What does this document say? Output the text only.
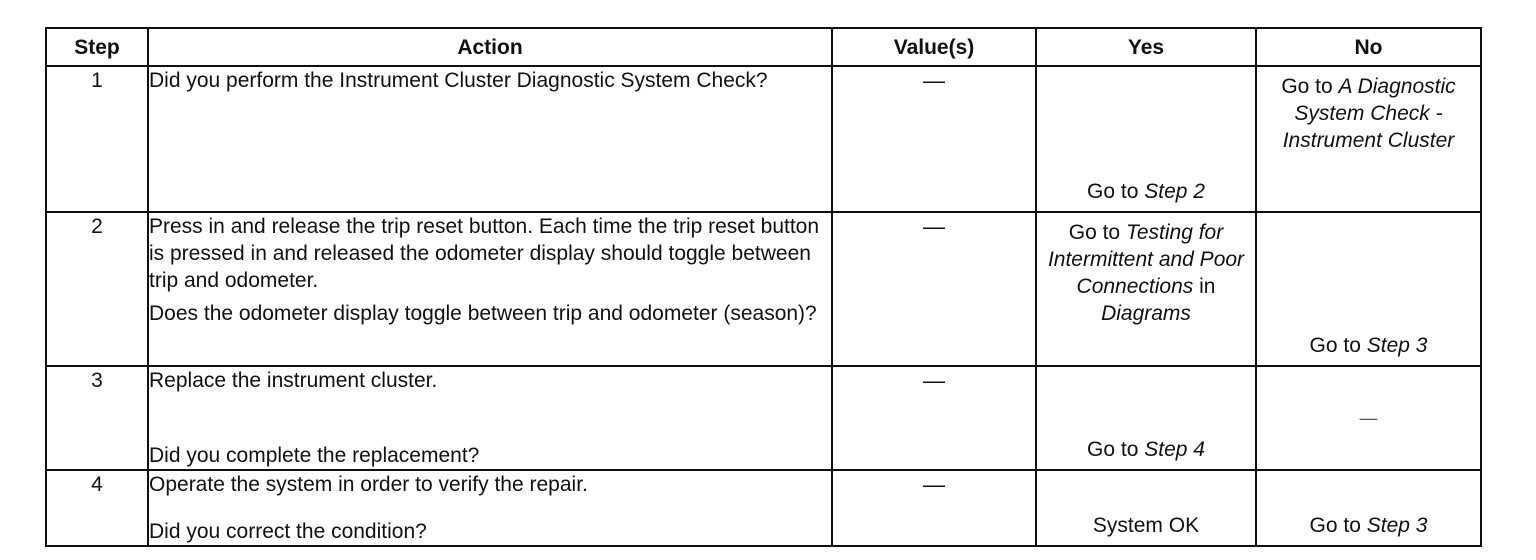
Step	Action	Value(s)	Yes	No
1	Did you perform the Instrument Cluster Diagnostic System Check?	—	Go to Step 2	Go to A Diagnostic System Check - Instrument Cluster

2	Press in and release the trip reset button. Each time the trip reset button is pressed in and released the odometer display should toggle between trip and odometer.

Does the odometer display toggle between trip and odometer (season)?	—	Go to Testing for Intermittent and Poor Connections in Diagrams	Go to Step 3

3	Replace the instrument cluster.

Did you complete the replacement?	—	Go to Step 4	—

4	Operate the system in order to verify the repair.

Did you correct the condition?	—	System OK	Go to Step 3
